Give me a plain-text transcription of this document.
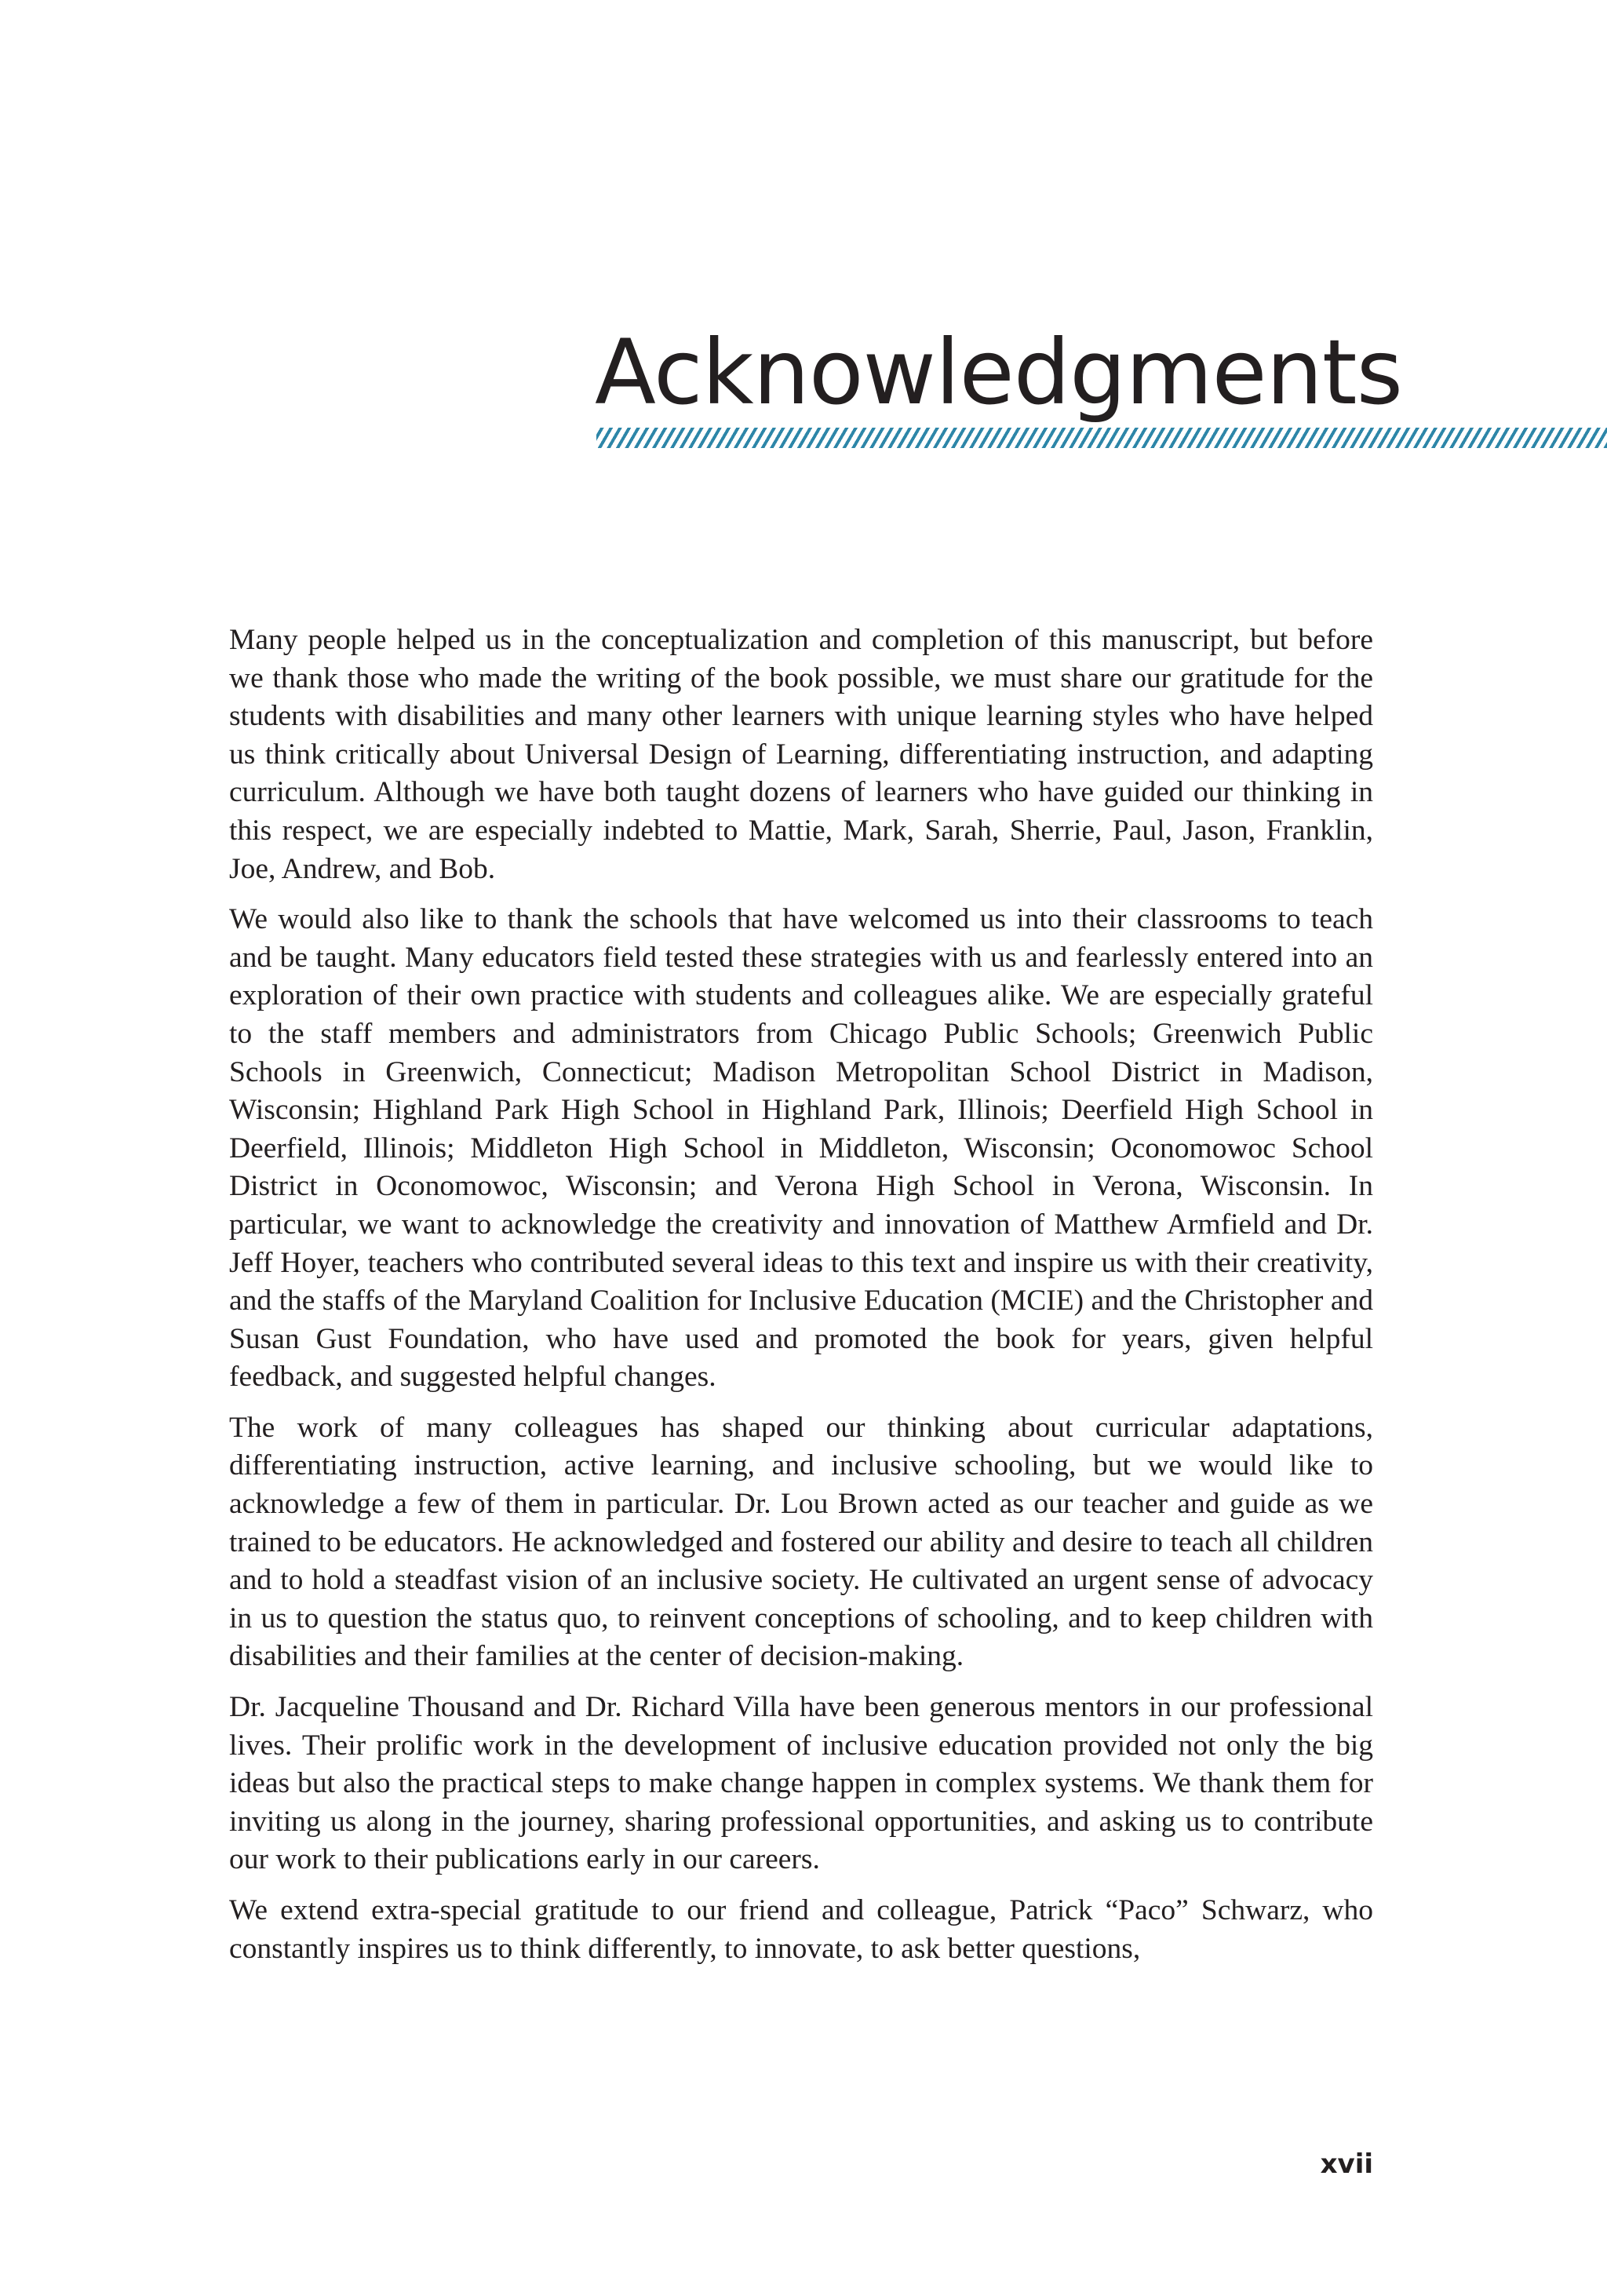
Acknowledgments

Many people helped us in the conceptualization and completion of this manuscript, but before we thank those who made the writing of the book possible, we must share our gratitude for the students with disabilities and many other learners with unique learning styles who have helped us think critically about Universal Design of Learning, differentiating instruction, and adapting curriculum. Although we have both taught dozens of learners who have guided our thinking in this respect, we are especially indebted to Mattie, Mark, Sarah, Sherrie, Paul, Jason, Franklin, Joe, Andrew, and Bob.

We would also like to thank the schools that have welcomed us into their classrooms to teach and be taught. Many educators field tested these strategies with us and fearlessly entered into an exploration of their own practice with students and colleagues alike. We are especially grateful to the staff members and administrators from Chicago Public Schools; Greenwich Public Schools in Greenwich, Connecticut; Madison Metropolitan School District in Madison, Wisconsin; Highland Park High School in Highland Park, Illinois; Deerfield High School in Deerfield, Illinois; Middleton High School in Middleton, Wisconsin; Oconomowoc School District in Oconomowoc, Wisconsin; and Verona High School in Verona, Wisconsin. In particular, we want to acknowledge the creativity and innovation of Matthew Armfield and Dr. Jeff Hoyer, teachers who contributed several ideas to this text and inspire us with their creativity, and the staffs of the Maryland Coalition for Inclusive Education (MCIE) and the Christopher and Susan Gust Foundation, who have used and promoted the book for years, given helpful feedback, and suggested helpful changes.

The work of many colleagues has shaped our thinking about curricular adaptations, differentiating instruction, active learning, and inclusive schooling, but we would like to acknowledge a few of them in particular. Dr. Lou Brown acted as our teacher and guide as we trained to be educators. He acknowledged and fostered our ability and desire to teach all children and to hold a steadfast vision of an inclusive society. He cultivated an urgent sense of advocacy in us to question the status quo, to reinvent conceptions of schooling, and to keep children with disabilities and their families at the center of decision-making.

Dr. Jacqueline Thousand and Dr. Richard Villa have been generous mentors in our professional lives. Their prolific work in the development of inclusive education provided not only the big ideas but also the practical steps to make change happen in complex systems. We thank them for inviting us along in the journey, sharing professional opportunities, and asking us to contribute our work to their publications early in our careers.

We extend extra-special gratitude to our friend and colleague, Patrick “Paco” Schwarz, who constantly inspires us to think differently, to innovate, to ask better questions,

xvii
